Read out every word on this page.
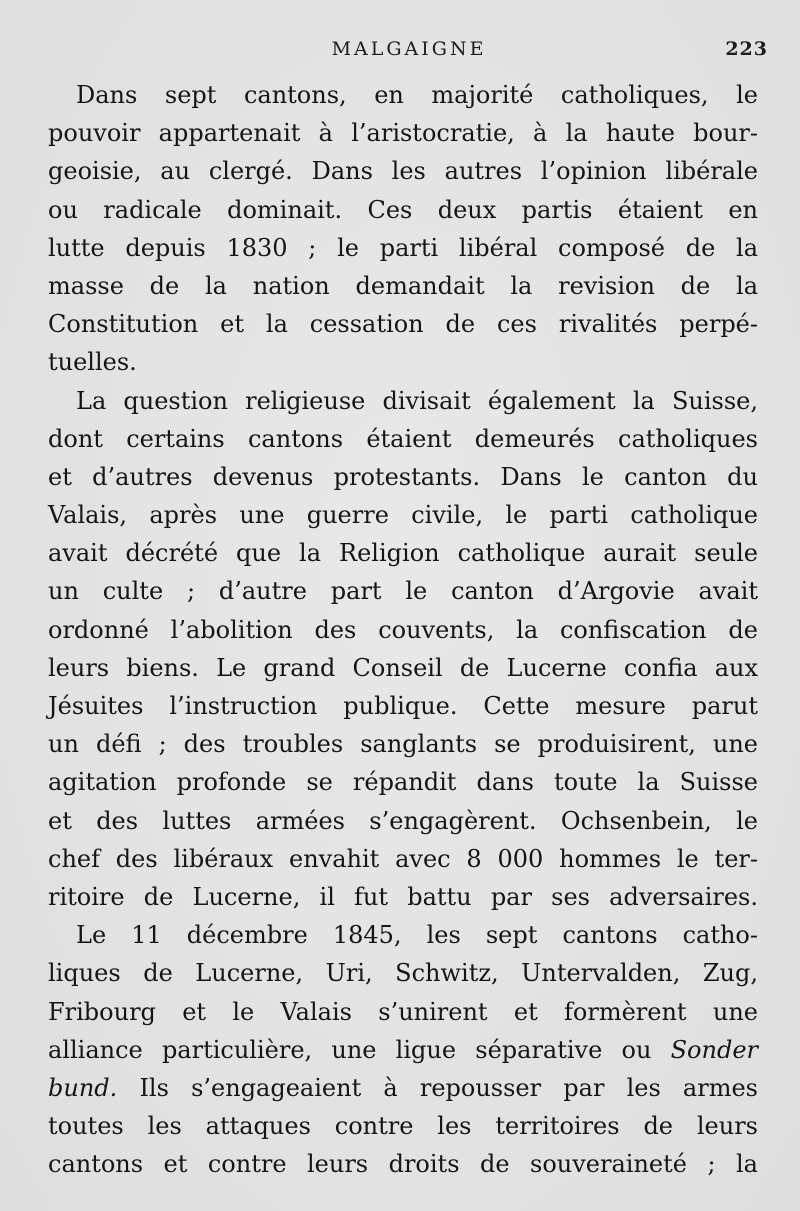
MALGAIGNE	223
Dans sept cantons, en majorité catholiques, le
pouvoir appartenait à l’aristocratie, à la haute bour-
geoisie, au clergé. Dans les autres l’opinion libérale
ou radicale dominait. Ces deux partis étaient en
lutte depuis 1830 ; le parti libéral composé de la
masse de la nation demandait la revision de la
Constitution et la cessation de ces rivalités perpé-
tuelles.
La question religieuse divisait également la Suisse,
dont certains cantons étaient demeurés catholiques
et d’autres devenus protestants. Dans le canton du
Valais, après une guerre civile, le parti catholique
avait décrété que la Religion catholique aurait seule
un culte ; d’autre part le canton d’Argovie avait
ordonné l’abolition des couvents, la confiscation de
leurs biens. Le grand Conseil de Lucerne confia aux
Jésuites l’instruction publique. Cette mesure parut
un défi ; des troubles sanglants se produisirent, une
agitation profonde se répandit dans toute la Suisse
et des luttes armées s’engagèrent. Ochsenbein, le
chef des libéraux envahit avec 8 000 hommes le ter-
ritoire de Lucerne, il fut battu par ses adversaires.
Le 11 décembre 1845, les sept cantons catho-
liques de Lucerne, Uri, Schwitz, Untervalden, Zug,
Fribourg et le Valais s’unirent et formèrent une
alliance particulière, une ligue séparative ou Sonder
bund. Ils s’engageaient à repousser par les armes
toutes les attaques contre les territoires de leurs
cantons et contre leurs droits de souveraineté ; la
